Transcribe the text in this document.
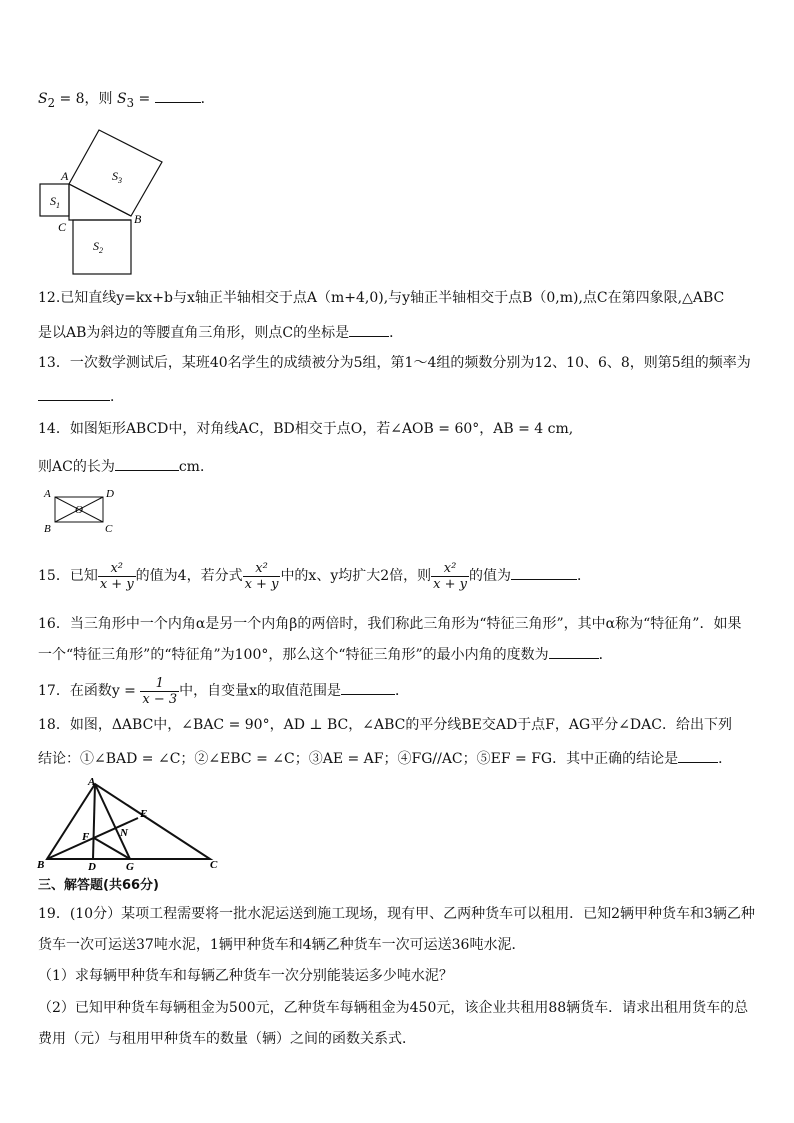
$S_2 = 8$，则 $S_3$ =	．
A
B
C
$S_1$
$S_2$
$S_3$
12.已知直线y=kx+b与x轴正半轴相交于点A（m+4,0),与y轴正半轴相交于点B（0,m),点C在第四象限,△ABC
是以AB为斜边的等腰直角三角形，则点C的坐标是	．
13．一次数学测试后，某班40名学生的成绩被分为5组，第1～4组的频数分别为12、10、6、8，则第5组的频率为
．
14．如图矩形ABCD中，对角线AC，BD相交于点O，若∠AOB = 60°，AB = 4 cm,
则AC的长为	cm．
A	D
B	C
O
15．已知 $\frac{\text{x²}}{x + y}$ 的值为4，若分式 $\frac{\text{x²}}{x + y}$ 中的x、y均扩大2倍，则 $\frac{\text{x²}}{x + y}$ 的值为	．
16．当三角形中一个内角α是另一个内角β的两倍时，我们称此三角形为“特征三角形”，其中α称为“特征角”．如果
一个“特征三角形”的“特征角”为100°，那么这个“特征三角形”的最小内角的度数为	．
17．在函数$y = \frac{1}{x - 3}$ 中，自变量x的取值范围是	．
18．如图，ΔABC中，∠BAC = 90°，AD ⊥ BC，∠ABC的平分线BE交AD于点F，AG平分∠DAC．给出下列
结论：①∠BAD = ∠C；②∠EBC = ∠C；③AE = AF；④FG//AC；⑤EF = FG．其中正确的结论是	．
A
B	C
D
E
F
G
N
三、解答题(共66分)
19．(10分）某项工程需要将一批水泥运送到施工现场，现有甲、乙两种货车可以租用．已知2辆甲种货车和3辆乙种
货车一次可运送37吨水泥，1辆甲种货车和4辆乙种货车一次可运送36吨水泥．
（1）求每辆甲种货车和每辆乙种货车一次分别能装运多少吨水泥？
（2）已知甲种货车每辆租金为500元，乙种货车每辆租金为450元，该企业共租用88辆货车．请求出租用货车的总
费用（元）与租用甲种货车的数量（辆）之间的函数关系式．
